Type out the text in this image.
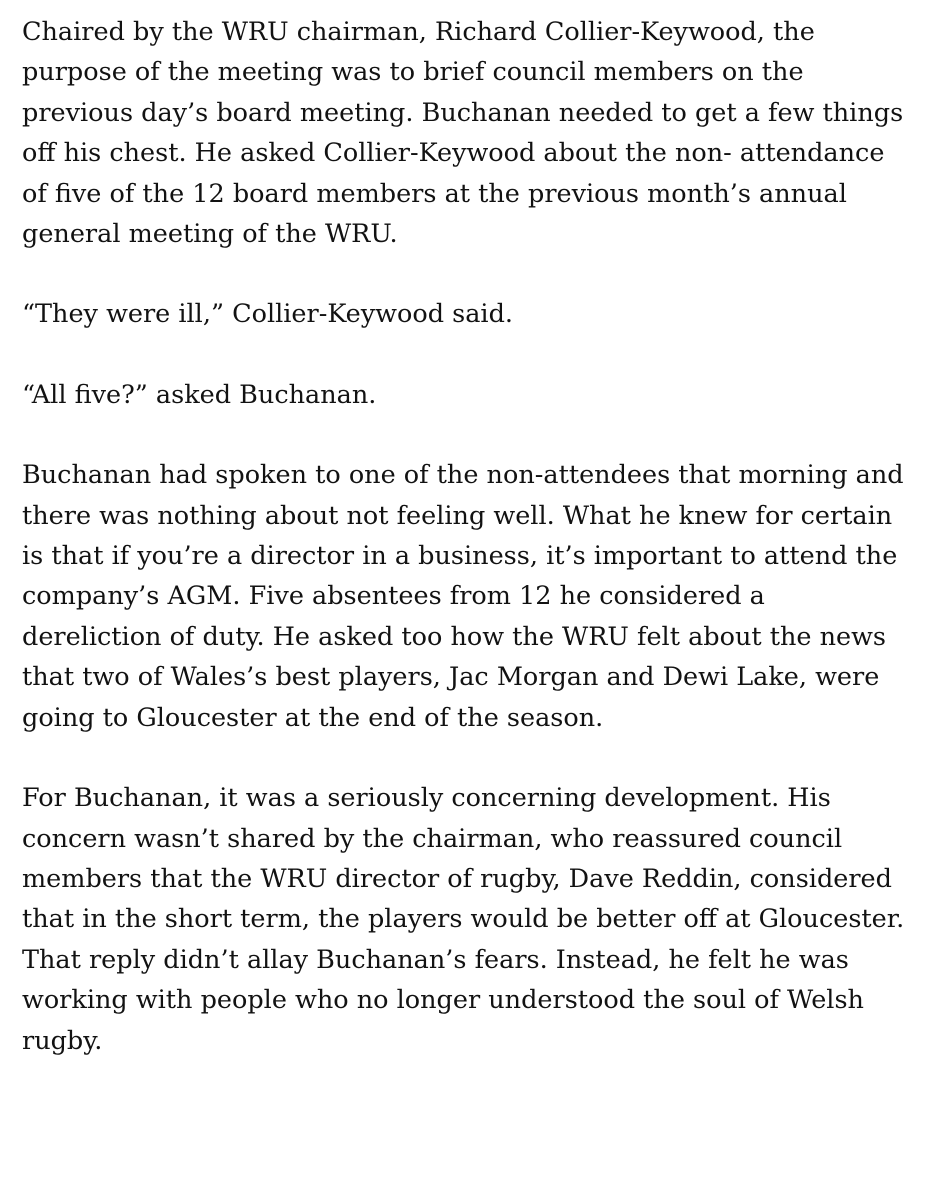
Chaired by the WRU chairman, Richard Collier-Keywood, the purpose of the meeting was to brief council members on the previous day’s board meeting. Buchanan needed to get a few things off his chest. He asked Collier-Keywood about the non- attendance of five of the 12 board members at the previous month’s annual general meeting of the WRU.

“They were ill,” Collier-Keywood said.

“All five?” asked Buchanan.

Buchanan had spoken to one of the non-attendees that morning and there was nothing about not feeling well. What he knew for certain is that if you’re a director in a business, it’s important to attend the company’s AGM. Five absentees from 12 he considered a dereliction of duty. He asked too how the WRU felt about the news that two of Wales’s best players, Jac Morgan and Dewi Lake, were going to Gloucester at the end of the season.

For Buchanan, it was a seriously concerning development. His concern wasn’t shared by the chairman, who reassured council members that the WRU director of rugby, Dave Reddin, considered that in the short term, the players would be better off at Gloucester. That reply didn’t allay Buchanan’s fears. Instead, he felt he was working with people who no longer understood the soul of Welsh rugby.
